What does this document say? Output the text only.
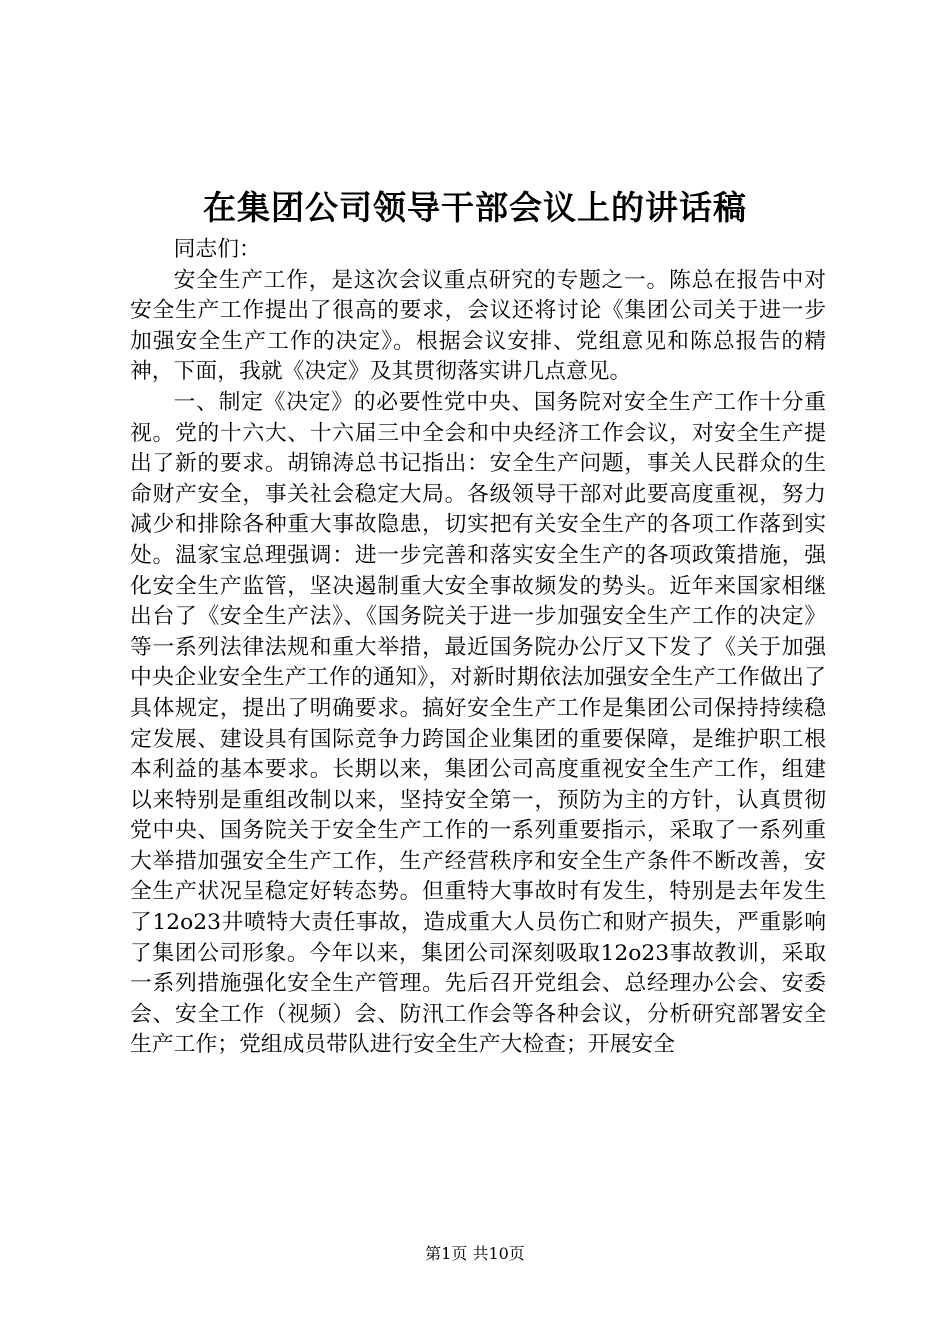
在集团公司领导干部会议上的讲话稿

同志们：

安全生产工作，是这次会议重点研究的专题之一。陈总在报告中对安全生产工作提出了很高的要求，会议还将讨论《集团公司关于进一步加强安全生产工作的决定》。根据会议安排、党组意见和陈总报告的精神，下面，我就《决定》及其贯彻落实讲几点意见。

一、制定《决定》的必要性党中央、国务院对安全生产工作十分重视。党的十六大、十六届三中全会和中央经济工作会议，对安全生产提出了新的要求。胡锦涛总书记指出：安全生产问题，事关人民群众的生命财产安全，事关社会稳定大局。各级领导干部对此要高度重视，努力减少和排除各种重大事故隐患，切实把有关安全生产的各项工作落到实处。温家宝总理强调：进一步完善和落实安全生产的各项政策措施，强化安全生产监管，坚决遏制重大安全事故频发的势头。近年来国家相继出台了《安全生产法》、《国务院关于进一步加强安全生产工作的决定》等一系列法律法规和重大举措，最近国务院办公厅又下发了《关于加强中央企业安全生产工作的通知》，对新时期依法加强安全生产工作做出了具体规定，提出了明确要求。搞好安全生产工作是集团公司保持持续稳定发展、建设具有国际竞争力跨国企业集团的重要保障，是维护职工根本利益的基本要求。长期以来，集团公司高度重视安全生产工作，组建以来特别是重组改制以来，坚持安全第一，预防为主的方针，认真贯彻党中央、国务院关于安全生产工作的一系列重要指示，采取了一系列重大举措加强安全生产工作，生产经营秩序和安全生产条件不断改善，安全生产状况呈稳定好转态势。但重特大事故时有发生，特别是去年发生了12o23井喷特大责任事故，造成重大人员伤亡和财产损失，严重影响了集团公司形象。今年以来，集团公司深刻吸取12o23事故教训，采取一系列措施强化安全生产管理。先后召开党组会、总经理办公会、安委会、安全工作（视频）会、防汛工作会等各种会议，分析研究部署安全生产工作；党组成员带队进行安全生产大检查；开展安全

第1页 共10页
